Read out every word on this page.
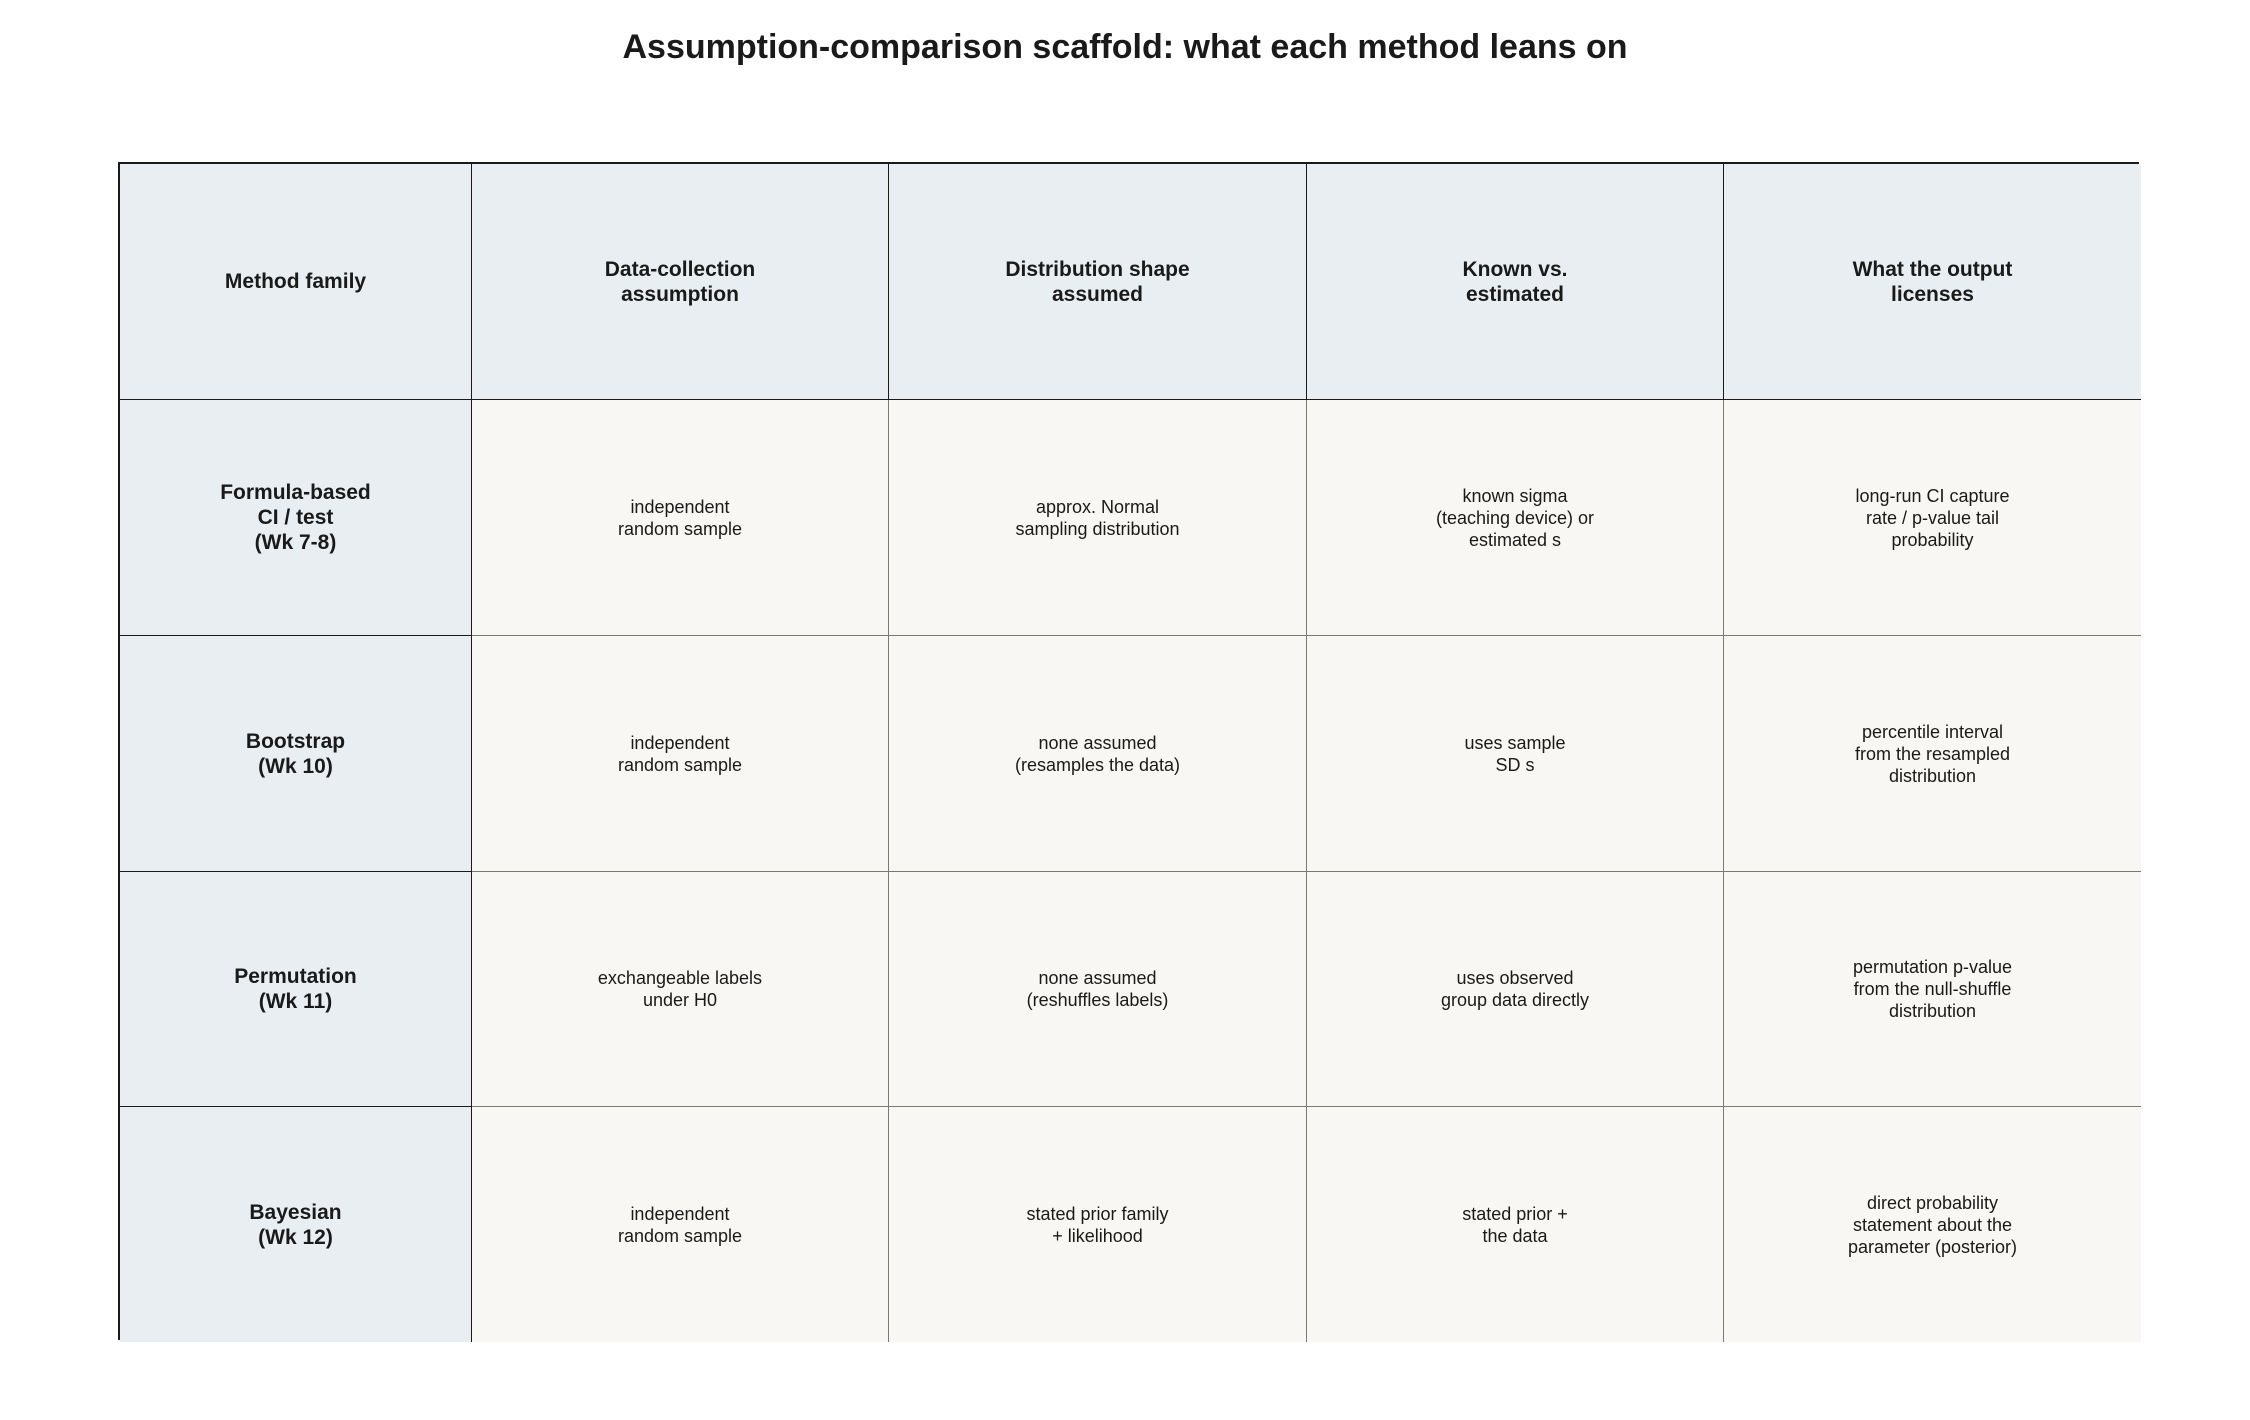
Assumption-comparison scaffold: what each method leans on
Method family
Data-collection
assumption
Distribution shape
assumed
Known vs.
estimated
What the output
licenses
Formula-based
CI / test
(Wk 7-8)
independent
random sample
approx. Normal
sampling distribution
known sigma
(teaching device) or
estimated s
long-run CI capture
rate / p-value tail
probability
Bootstrap
(Wk 10)
independent
random sample
none assumed
(resamples the data)
uses sample
SD s
percentile interval
from the resampled
distribution
Permutation
(Wk 11)
exchangeable labels
under H0
none assumed
(reshuffles labels)
uses observed
group data directly
permutation p-value
from the null-shuffle
distribution
Bayesian
(Wk 12)
independent
random sample
stated prior family
+ likelihood
stated prior +
the data
direct probability
statement about the
parameter (posterior)
